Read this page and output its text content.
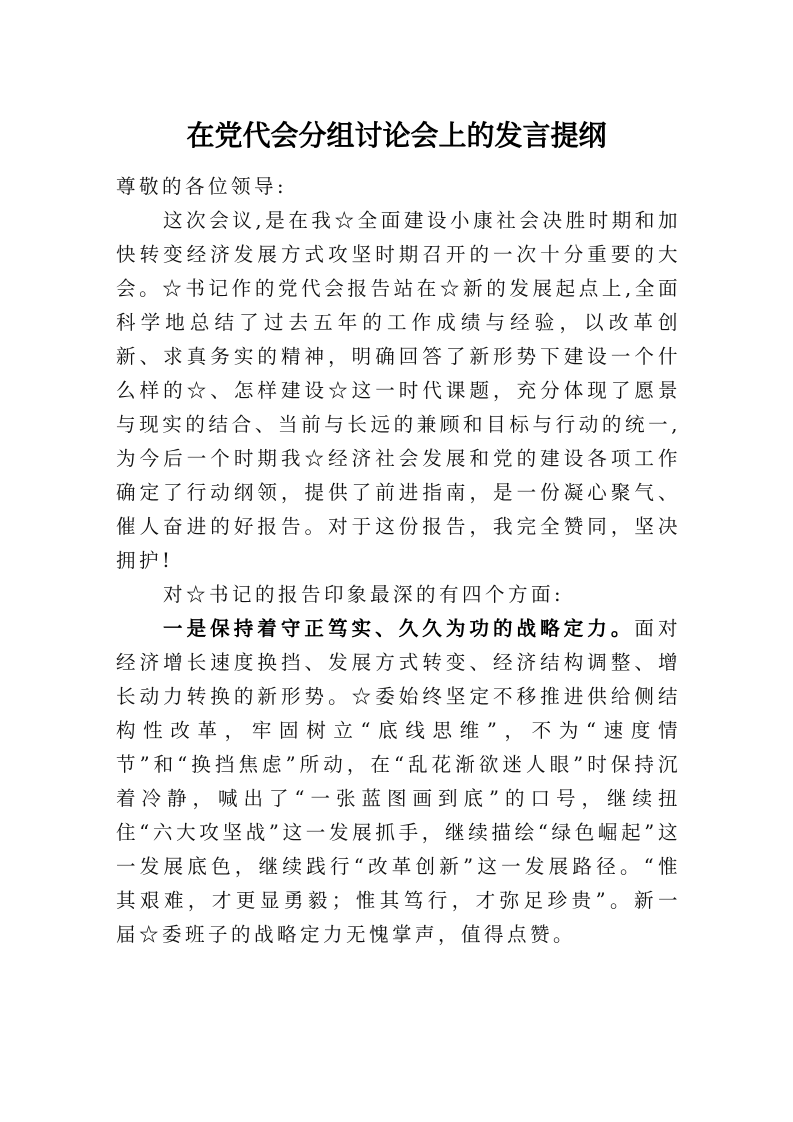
在党代会分组讨论会上的发言提纲

尊敬的各位领导:

这次会议,是在我☆全面建设小康社会决胜时期和加快转变经济发展方式攻坚时期召开的一次十分重要的大会。☆书记作的党代会报告站在☆新的发展起点上,全面科学地总结了过去五年的工作成绩与经验，以改革创新、求真务实的精神，明确回答了新形势下建设一个什么样的☆、怎样建设☆这一时代课题，充分体现了愿景与现实的结合、当前与长远的兼顾和目标与行动的统一,为今后一个时期我☆经济社会发展和党的建设各项工作确定了行动纲领，提供了前进指南，是一份凝心聚气、催人奋进的好报告。对于这份报告，我完全赞同，坚决拥护!

对☆书记的报告印象最深的有四个方面:

一是保持着守正笃实、久久为功的战略定力。面对经济增长速度换挡、发展方式转变、经济结构调整、增长动力转换的新形势。☆委始终坚定不移推进供给侧结构性改革，牢固树立“底线思维”，不为“速度情节”和“换挡焦虑”所动，在“乱花渐欲迷人眼”时保持沉着冷静，喊出了“一张蓝图画到底”的口号，继续扭住“六大攻坚战”这一发展抓手，继续描绘“绿色崛起”这一发展底色，继续践行“改革创新”这一发展路径。“惟其艰难，才更显勇毅；惟其笃行，才弥足珍贵”。新一届☆委班子的战略定力无愧掌声，值得点赞。
